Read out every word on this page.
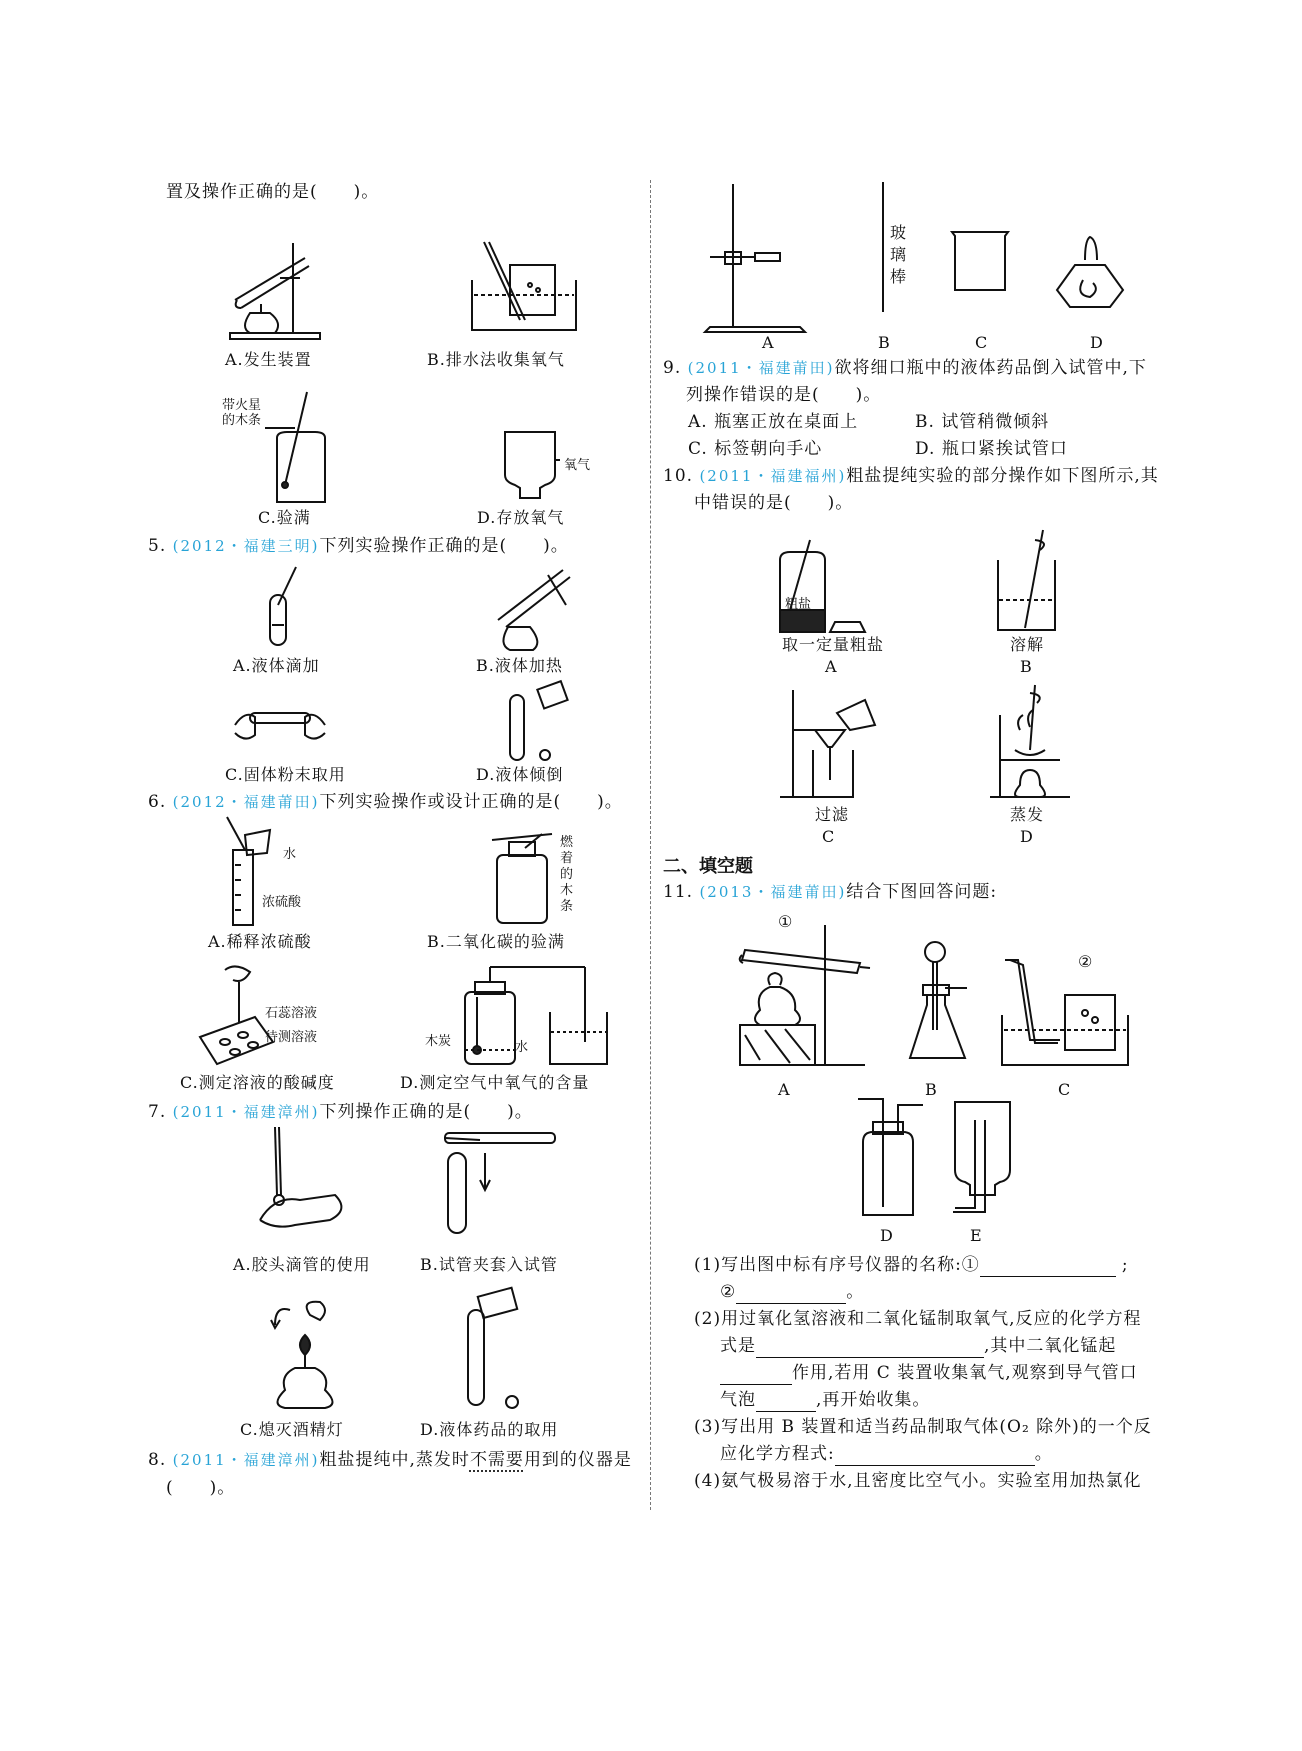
置及操作正确的是(　　)。
A.发生装置	B.排水法收集氧气
带火星的木条
C.验满
氧气
D.存放氧气
5. (2012・福建三明)下列实验操作正确的是(　　)。
A.液体滴加	B.液体加热
C.固体粉末取用	D.液体倾倒
6. (2012・福建莆田)下列实验操作或设计正确的是(　　)。
水
浓硫酸
A.稀释浓硫酸
燃着的木条
B.二氧化碳的验满
石蕊溶液
待测溶液
C.测定溶液的酸碱度
木炭	水
D.测定空气中氧气的含量
7. (2011・福建漳州)下列操作正确的是(　　)。
A.胶头滴管的使用	B.试管夹套入试管
C.熄灭酒精灯	D.液体药品的取用
8. (2011・福建漳州)粗盐提纯中,蒸发时不需要用到的仪器是
(　　)。
玻璃棒
A	B	C	D
9. (2011・福建莆田)欲将细口瓶中的液体药品倒入试管中,下
列操作错误的是(　　)。
A. 瓶塞正放在桌面上	B. 试管稍微倾斜
C. 标签朝向手心	D. 瓶口紧挨试管口
10. (2011・福建福州)粗盐提纯实验的部分操作如下图所示,其
中错误的是(　　)。
粗盐
取一定量粗盐
A
溶解
B
过滤
C
蒸发
D
二、填空题
11. (2013・福建莆田)结合下图回答问题:
①
②
A	B	C
D	E
(1)写出图中标有序号仪器的名称:①	;
②	。
(2)用过氧化氢溶液和二氧化锰制取氧气,反应的化学方程
式是	,其中二氧化锰起
作用,若用 C 装置收集氧气,观察到导气管口
气泡	,再开始收集。
(3)写出用 B 装置和适当药品制取气体(O₂ 除外)的一个反
应化学方程式:	。
(4)氨气极易溶于水,且密度比空气小。实验室用加热氯化
